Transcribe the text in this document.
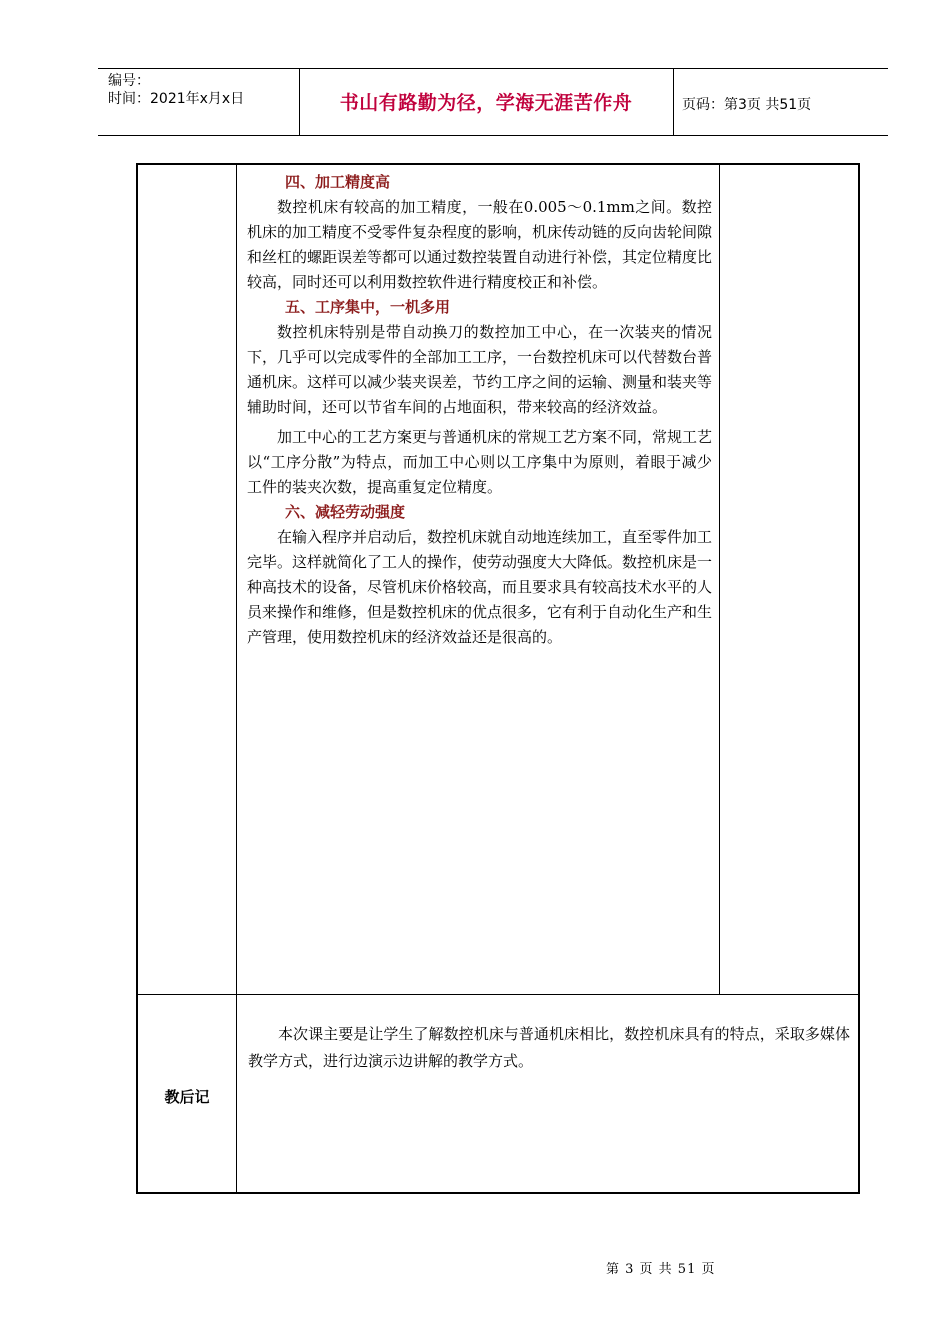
编号：
时间：2021年x月x日	书山有路勤为径，学海无涯苦作舟	页码：第3页 共51页
四、加工精度高

数控机床有较高的加工精度，一般在0.005～0.1mm之间。数控机床的加工精度不受零件复杂程度的影响，机床传动链的反向齿轮间隙和丝杠的螺距误差等都可以通过数控装置自动进行补偿，其定位精度比较高，同时还可以利用数控软件进行精度校正和补偿。

五、工序集中，一机多用

数控机床特别是带自动换刀的数控加工中心，在一次装夹的情况下，几乎可以完成零件的全部加工工序，一台数控机床可以代替数台普通机床。这样可以减少装夹误差，节约工序之间的运输、测量和装夹等辅助时间，还可以节省车间的占地面积，带来较高的经济效益。

加工中心的工艺方案更与普通机床的常规工艺方案不同，常规工艺以“工序分散”为特点，而加工中心则以工序集中为原则，着眼于减少工件的装夹次数，提高重复定位精度。

六、减轻劳动强度

在输入程序并启动后，数控机床就自动地连续加工，直至零件加工完毕。这样就简化了工人的操作，使劳动强度大大降低。数控机床是一种高技术的设备，尽管机床价格较高，而且要求具有较高技术水平的人员来操作和维修，但是数控机床的优点很多，它有利于自动化生产和生产管理，使用数控机床的经济效益还是很高的。

教后记
本次课主要是让学生了解数控机床与普通机床相比，数控机床具有的特点，采取多媒体教学方式，进行边演示边讲解的教学方式。
第 3 页 共 51 页
